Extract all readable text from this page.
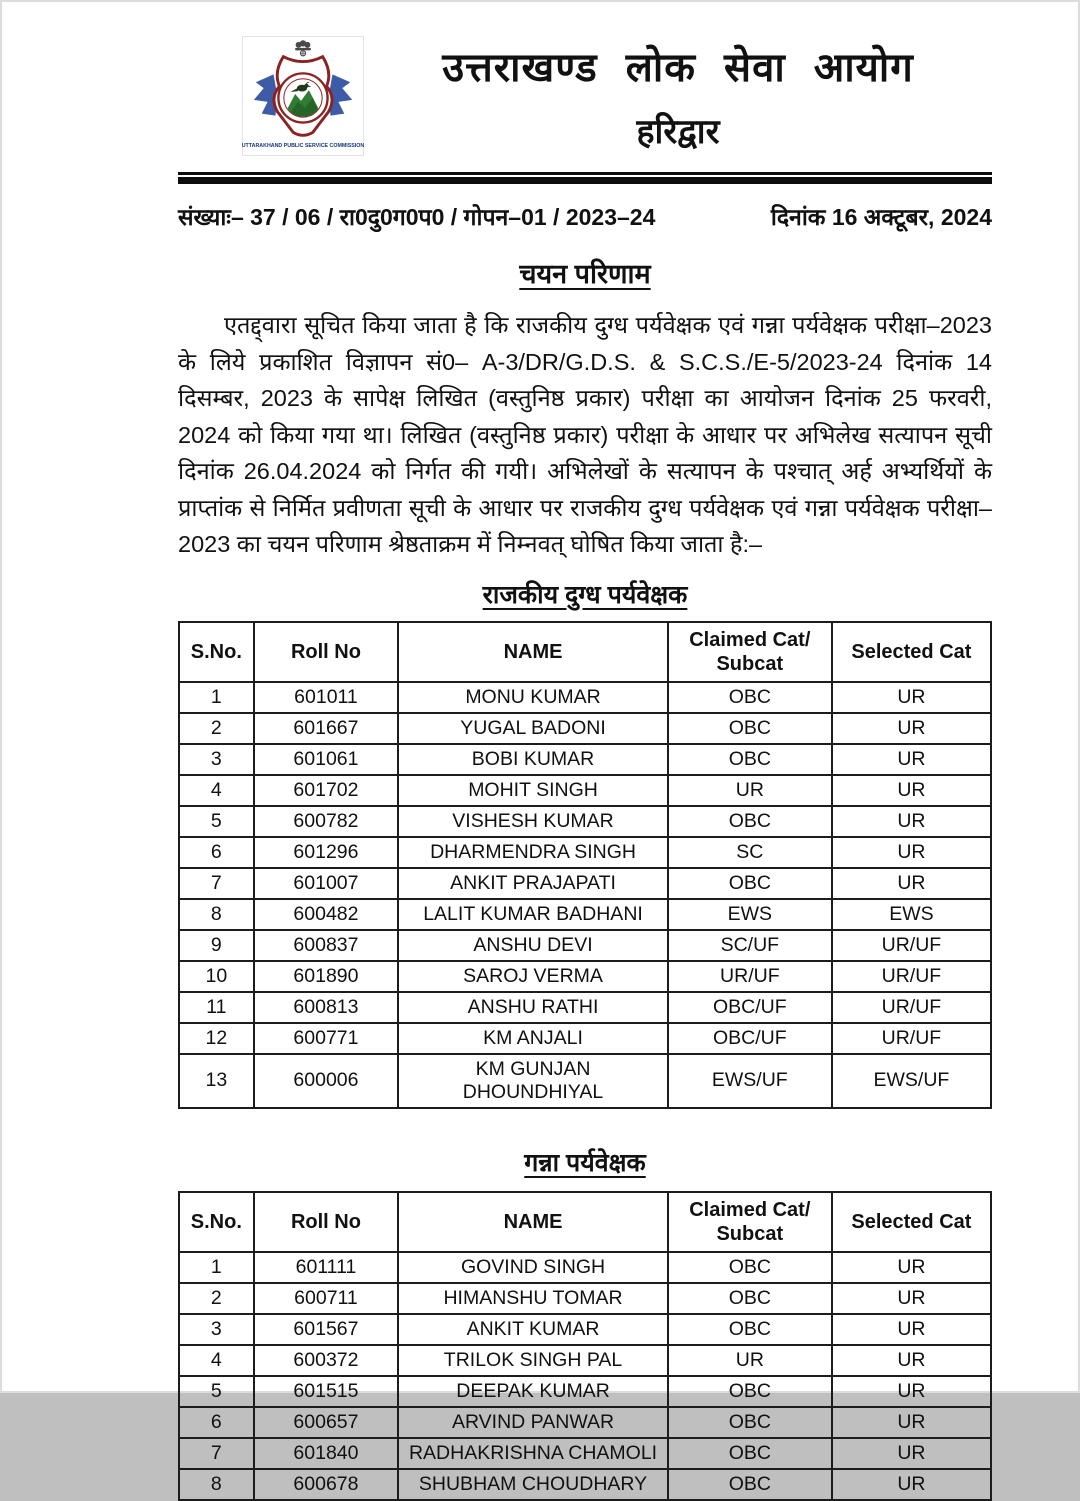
UTTARAKHAND PUBLIC SERVICE COMMISSION
उत्तराखण्ड लोक सेवा आयोग
हरिद्वार
संख्याः– 37 / 06 / रा0दु0ग0प0 / गोपन–01 / 2023–24	दिनांक 16 अक्टूबर, 2024
चयन परिणाम
एतद्द्वारा सूचित किया जाता है कि राजकीय दुग्ध पर्यवेक्षक एवं गन्ना पर्यवेक्षक परीक्षा–2023 के लिये प्रकाशित विज्ञापन सं0– A-3/DR/G.D.S. & S.C.S./E-5/2023-24 दिनांक 14 दिसम्बर, 2023 के सापेक्ष लिखित (वस्तुनिष्ठ प्रकार) परीक्षा का आयोजन दिनांक 25 फरवरी, 2024 को किया गया था। लिखित (वस्तुनिष्ठ प्रकार) परीक्षा के आधार पर अभिलेख सत्यापन सूची दिनांक 26.04.2024 को निर्गत की गयी। अभिलेखों के सत्यापन के पश्चात् अर्ह अभ्यर्थियों के प्राप्तांक से निर्मित प्रवीणता सूची के आधार पर राजकीय दुग्ध पर्यवेक्षक एवं गन्ना पर्यवेक्षक परीक्षा–2023 का चयन परिणाम श्रेष्ठताक्रम में निम्नवत् घोषित किया जाता है:–
राजकीय दुग्ध पर्यवेक्षक
S.No.	Roll No	NAME	Claimed Cat/ Subcat	Selected Cat
1	601011	MONU KUMAR	OBC	UR
2	601667	YUGAL BADONI	OBC	UR
3	601061	BOBI KUMAR	OBC	UR
4	601702	MOHIT SINGH	UR	UR
5	600782	VISHESH KUMAR	OBC	UR
6	601296	DHARMENDRA SINGH	SC	UR
7	601007	ANKIT PRAJAPATI	OBC	UR
8	600482	LALIT KUMAR BADHANI	EWS	EWS
9	600837	ANSHU DEVI	SC/UF	UR/UF
10	601890	SAROJ VERMA	UR/UF	UR/UF
11	600813	ANSHU RATHI	OBC/UF	UR/UF
12	600771	KM ANJALI	OBC/UF	UR/UF
13	600006	KM GUNJAN DHOUNDHIYAL	EWS/UF	EWS/UF
गन्ना पर्यवेक्षक
S.No.	Roll No	NAME	Claimed Cat/ Subcat	Selected Cat
1	601111	GOVIND SINGH	OBC	UR
2	600711	HIMANSHU TOMAR	OBC	UR
3	601567	ANKIT KUMAR	OBC	UR
4	600372	TRILOK SINGH PAL	UR	UR
5	601515	DEEPAK KUMAR	OBC	UR
6	600657	ARVIND PANWAR	OBC	UR
7	601840	RADHAKRISHNA CHAMOLI	OBC	UR
8	600678	SHUBHAM CHOUDHARY	OBC	UR
